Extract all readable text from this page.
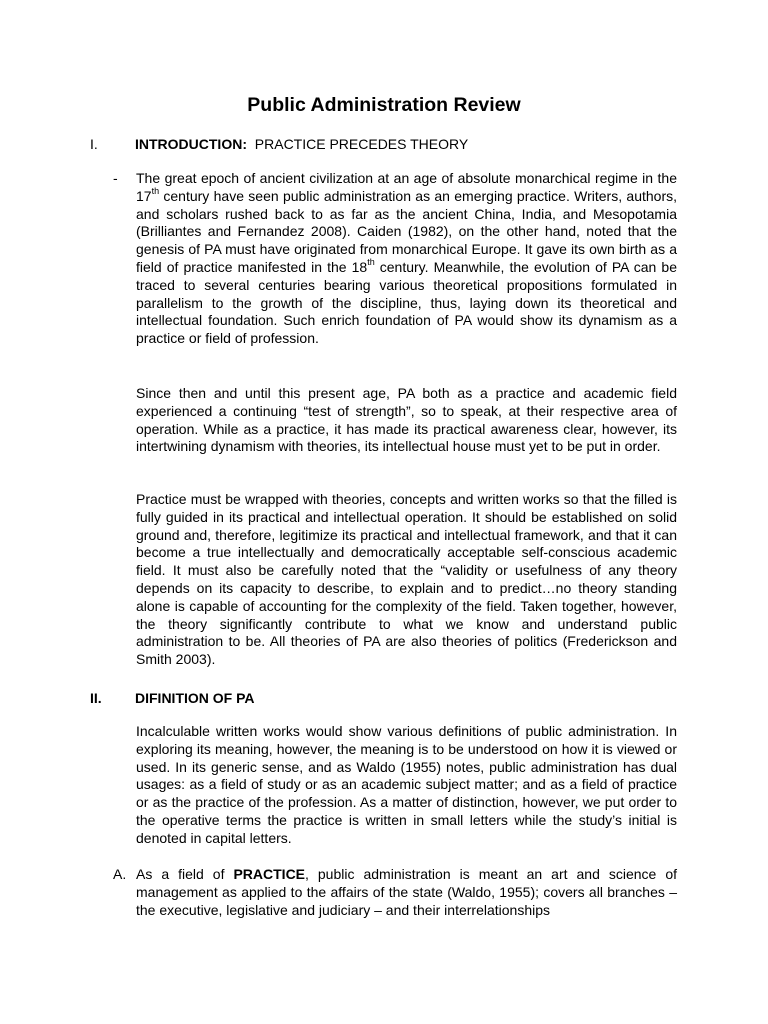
Public Administration Review
I.	INTRODUCTION: PRACTICE PRECEDES THEORY
- The great epoch of ancient civilization at an age of absolute monarchical regime in the 17th century have seen public administration as an emerging practice. Writers, authors, and scholars rushed back to as far as the ancient China, India, and Mesopotamia (Brilliantes and Fernandez 2008). Caiden (1982), on the other hand, noted that the genesis of PA must have originated from monarchical Europe. It gave its own birth as a field of practice manifested in the 18th century. Meanwhile, the evolution of PA can be traced to several centuries bearing various theoretical propositions formulated in parallelism to the growth of the discipline, thus, laying down its theoretical and intellectual foundation. Such enrich foundation of PA would show its dynamism as a practice or field of profession.

Since then and until this present age, PA both as a practice and academic field experienced a continuing “test of strength”, so to speak, at their respective area of operation. While as a practice, it has made its practical awareness clear, however, its intertwining dynamism with theories, its intellectual house must yet to be put in order.

Practice must be wrapped with theories, concepts and written works so that the filled is fully guided in its practical and intellectual operation. It should be established on solid ground and, therefore, legitimize its practical and intellectual framework, and that it can become a true intellectually and democratically acceptable self-conscious academic field. It must also be carefully noted that the “validity or usefulness of any theory depends on its capacity to describe, to explain and to predict…no theory standing alone is capable of accounting for the complexity of the field. Taken together, however, the theory significantly contribute to what we know and understand public administration to be. All theories of PA are also theories of politics (Frederickson and Smith 2003).

II. DIFINITION OF PA

Incalculable written works would show various definitions of public administration. In exploring its meaning, however, the meaning is to be understood on how it is viewed or used. In its generic sense, and as Waldo (1955) notes, public administration has dual usages: as a field of study or as an academic subject matter; and as a field of practice or as the practice of the profession. As a matter of distinction, however, we put order to the operative terms the practice is written in small letters while the study’s initial is denoted in capital letters.

A. As a field of PRACTICE, public administration is meant an art and science of management as applied to the affairs of the state (Waldo, 1955); covers all branches – the executive, legislative and judiciary – and their interrelationships
